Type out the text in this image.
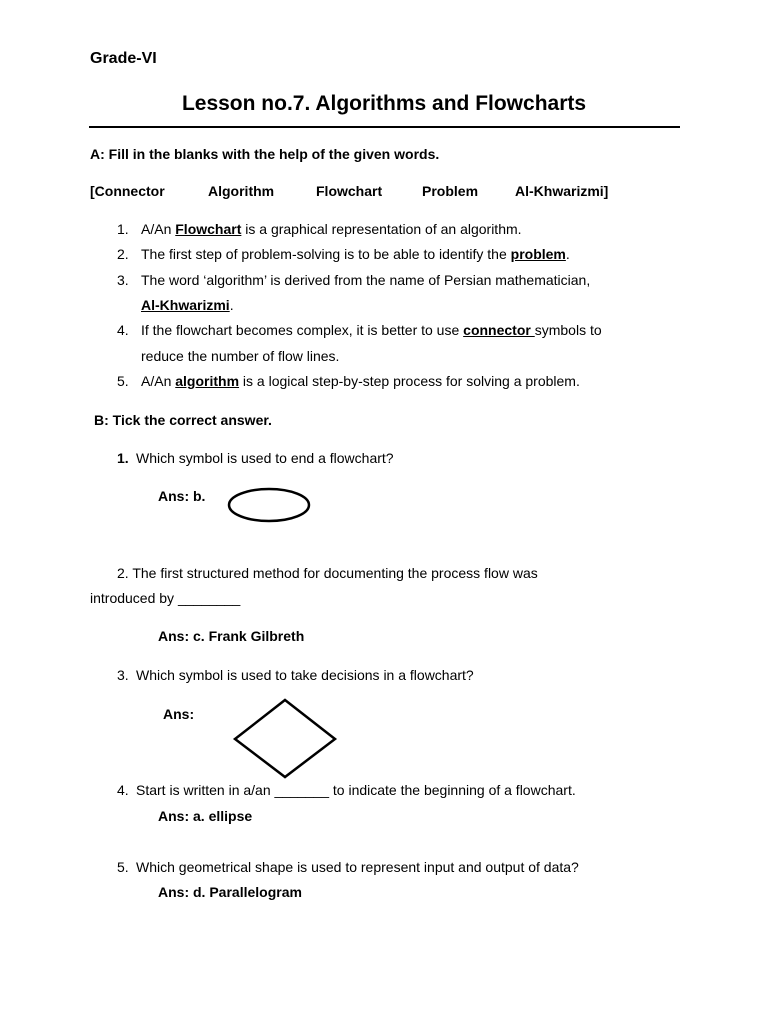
Grade-VI
Lesson no.7. Algorithms and Flowcharts
A: Fill in the blanks with the help of the given words.
[Connector	Algorithm	Flowchart	Problem	Al-Khwarizmi]
1. A/An Flowchart is a graphical representation of an algorithm.
2. The first step of problem-solving is to be able to identify the problem.
3. The word ‘algorithm’ is derived from the name of Persian mathematician,
Al-Khwarizmi.
4. If the flowchart becomes complex, it is better to use connector symbols to
reduce the number of flow lines.
5. A/An algorithm is a logical step-by-step process for solving a problem.
B: Tick the correct answer.
1. Which symbol is used to end a flowchart?
Ans: b.
2. The first structured method for documenting the process flow was
introduced by ________
Ans: c. Frank Gilbreth
3. Which symbol is used to take decisions in a flowchart?
Ans:
4. Start is written in a/an _______ to indicate the beginning of a flowchart.
Ans: a. ellipse
5. Which geometrical shape is used to represent input and output of data?
Ans: d. Parallelogram
